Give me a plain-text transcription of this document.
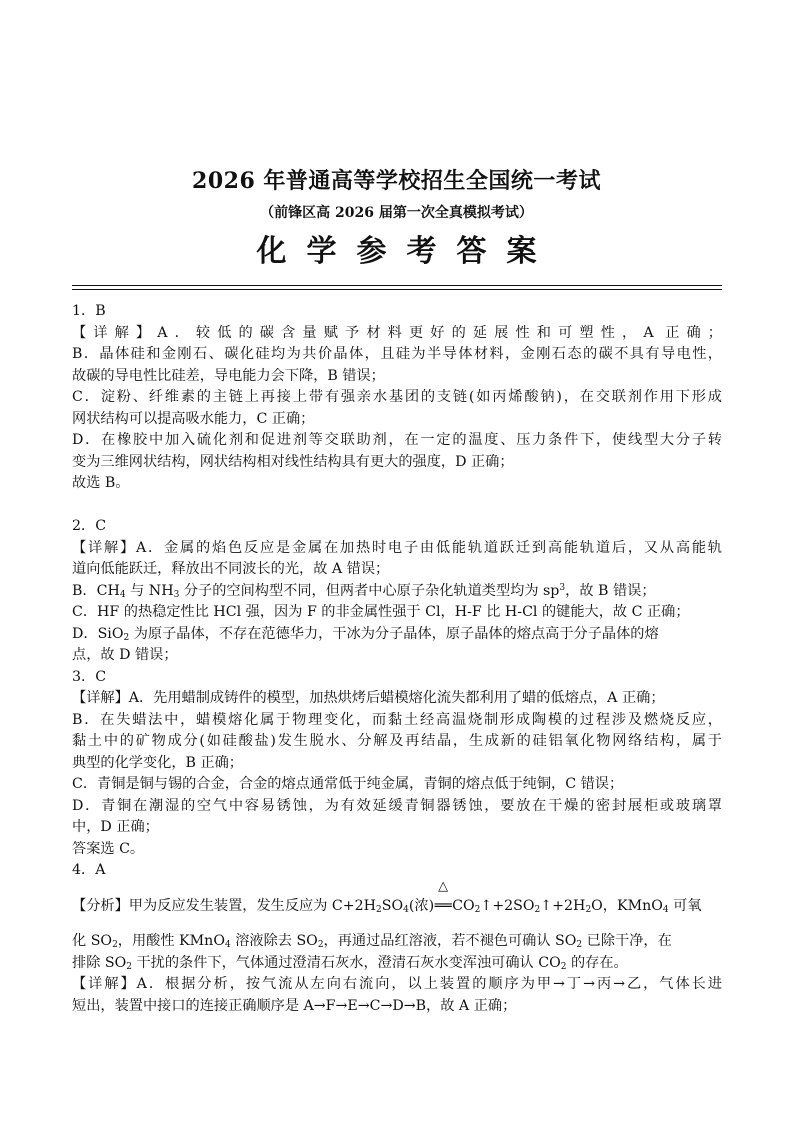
2026 年普通高等学校招生全国统一考试
（前锋区高 2026 届第一次全真模拟考试）
化学参考答案
1．B
【详解】A．较低的碳含量赋予材料更好的延展性和可塑性，A 正确；
B．晶体硅和金刚石、碳化硅均为共价晶体，且硅为半导体材料，金刚石态的碳不具有导电性，
故碳的导电性比硅差，导电能力会下降，B 错误；
C．淀粉、纤维素的主链上再接上带有强亲水基团的支链(如丙烯酸钠)，在交联剂作用下形成
网状结构可以提高吸水能力，C 正确；
D．在橡胶中加入硫化剂和促进剂等交联助剂，在一定的温度、压力条件下，使线型大分子转
变为三维网状结构，网状结构相对线性结构具有更大的强度，D 正确；
故选 B。
2．C
【详解】A．金属的焰色反应是金属在加热时电子由低能轨道跃迁到高能轨道后，又从高能轨
道向低能跃迁，释放出不同波长的光，故 A 错误；
B．$CH_4$ 与 $NH_3$ 分子的空间构型不同，但两者中心原子杂化轨道类型均为 $sp^3$，故 B 错误；
C．HF 的热稳定性比 HCl 强，因为 F 的非金属性强于 Cl，H-F 比 H-Cl 的键能大，故 C 正确；
D．SiO$_2$ 为原子晶体，不存在范德华力，干冰为分子晶体，原子晶体的熔点高于分子晶体的熔
点，故 D 错误；
3．C
【详解】A．先用蜡制成铸件的模型，加热烘烤后蜡模熔化流失都利用了蜡的低熔点，A 正确；
B．在失蜡法中，蜡模熔化属于物理变化，而黏土经高温烧制形成陶模的过程涉及燃烧反应，
黏土中的矿物成分(如硅酸盐)发生脱水、分解及再结晶，生成新的硅铝氧化物网络结构，属于
典型的化学变化，B 正确；
C．青铜是铜与锡的合金，合金的熔点通常低于纯金属，青铜的熔点低于纯铜，C 错误；
D．青铜在潮湿的空气中容易锈蚀，为有效延缓青铜器锈蚀，要放在干燥的密封展柜或玻璃罩
中，D 正确；
答案选 C。
4．A
【分析】甲为反应发生装置，发生反应为 $C+2H_2SO_4$(浓)
△
$══CO_2↑+2SO_2↑+2H_2O$，KMnO$_4$ 可氧
化 $SO_2$，用酸性 KMnO$_4$ 溶液除去 $SO_2$，再通过品红溶液，若不褪色可确认 $SO_2$ 已除干净，在
排除 $SO_2$ 干扰的条件下，气体通过澄清石灰水，澄清石灰水变浑浊可确认 $CO_2$ 的存在。
【详解】A．根据分析，按气流从左向右流向，以上装置的顺序为甲→丁→丙→乙，气体长进
短出，装置中接口的连接正确顺序是 A→F→E→C→D→B，故 A 正确；
